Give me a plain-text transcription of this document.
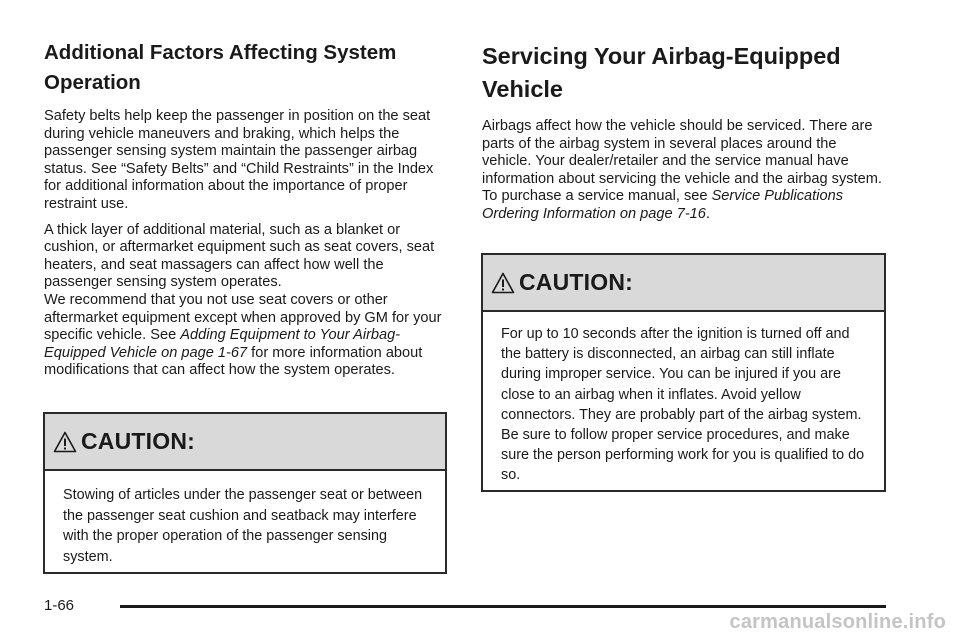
Additional Factors Affecting System Operation

Safety belts help keep the passenger in position on the seat during vehicle maneuvers and braking, which helps the passenger sensing system maintain the passenger airbag status. See “Safety Belts” and “Child Restraints” in the Index for additional information about the importance of proper restraint use.

A thick layer of additional material, such as a blanket or cushion, or aftermarket equipment such as seat covers, seat heaters, and seat massagers can affect how well the passenger sensing system operates.

We recommend that you not use seat covers or other aftermarket equipment except when approved by GM for your specific vehicle. See Adding Equipment to Your Airbag-Equipped Vehicle on page 1-67 for more information about modifications that can affect how the system operates.

CAUTION:
Stowing of articles under the passenger seat or between the passenger seat cushion and seatback may interfere with the proper operation of the passenger sensing system.
Servicing Your Airbag-Equipped Vehicle

Airbags affect how the vehicle should be serviced. There are parts of the airbag system in several places around the vehicle. Your dealer/retailer and the service manual have information about servicing the vehicle and the airbag system. To purchase a service manual, see Service Publications Ordering Information on page 7-16.

CAUTION:
For up to 10 seconds after the ignition is turned off and the battery is disconnected, an airbag can still inflate during improper service. You can be injured if you are close to an airbag when it inflates. Avoid yellow connectors. They are probably part of the airbag system. Be sure to follow proper service procedures, and make sure the person performing work for you is qualified to do so.
1-66
carmanualsonline.info
